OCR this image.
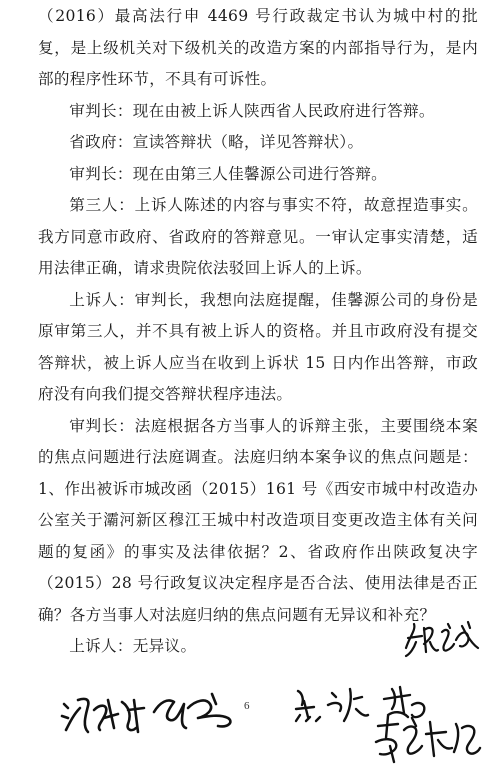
（2016）最高法行申 4469 号行政裁定书认为城中村的批复，是上级机关对下级机关的改造方案的内部指导行为，是内部的程序性环节，不具有可诉性。

审判长：现在由被上诉人陕西省人民政府进行答辩。

省政府：宣读答辩状（略，详见答辩状）。

审判长：现在由第三人佳馨源公司进行答辩。

第三人：上诉人陈述的内容与事实不符，故意捏造事实。我方同意市政府、省政府的答辩意见。一审认定事实清楚，适用法律正确，请求贵院依法驳回上诉人的上诉。

上诉人：审判长，我想向法庭提醒，佳馨源公司的身份是原审第三人，并不具有被上诉人的资格。并且市政府没有提交答辩状，被上诉人应当在收到上诉状 15 日内作出答辩，市政府没有向我们提交答辩状程序违法。

审判长：法庭根据各方当事人的诉辩主张，主要围绕本案的焦点问题进行法庭调查。法庭归纳本案争议的焦点问题是：1、作出被诉市城改函（2015）161 号《西安市城中村改造办公室关于灞河新区穆江王城中村改造项目变更改造主体有关问题的复函》的事实及法律依据？2、省政府作出陕政复决字（2015）28 号行政复议决定程序是否合法、使用法律是否正确？各方当事人对法庭归纳的焦点问题有无异议和补充？

上诉人：无异议。

6
